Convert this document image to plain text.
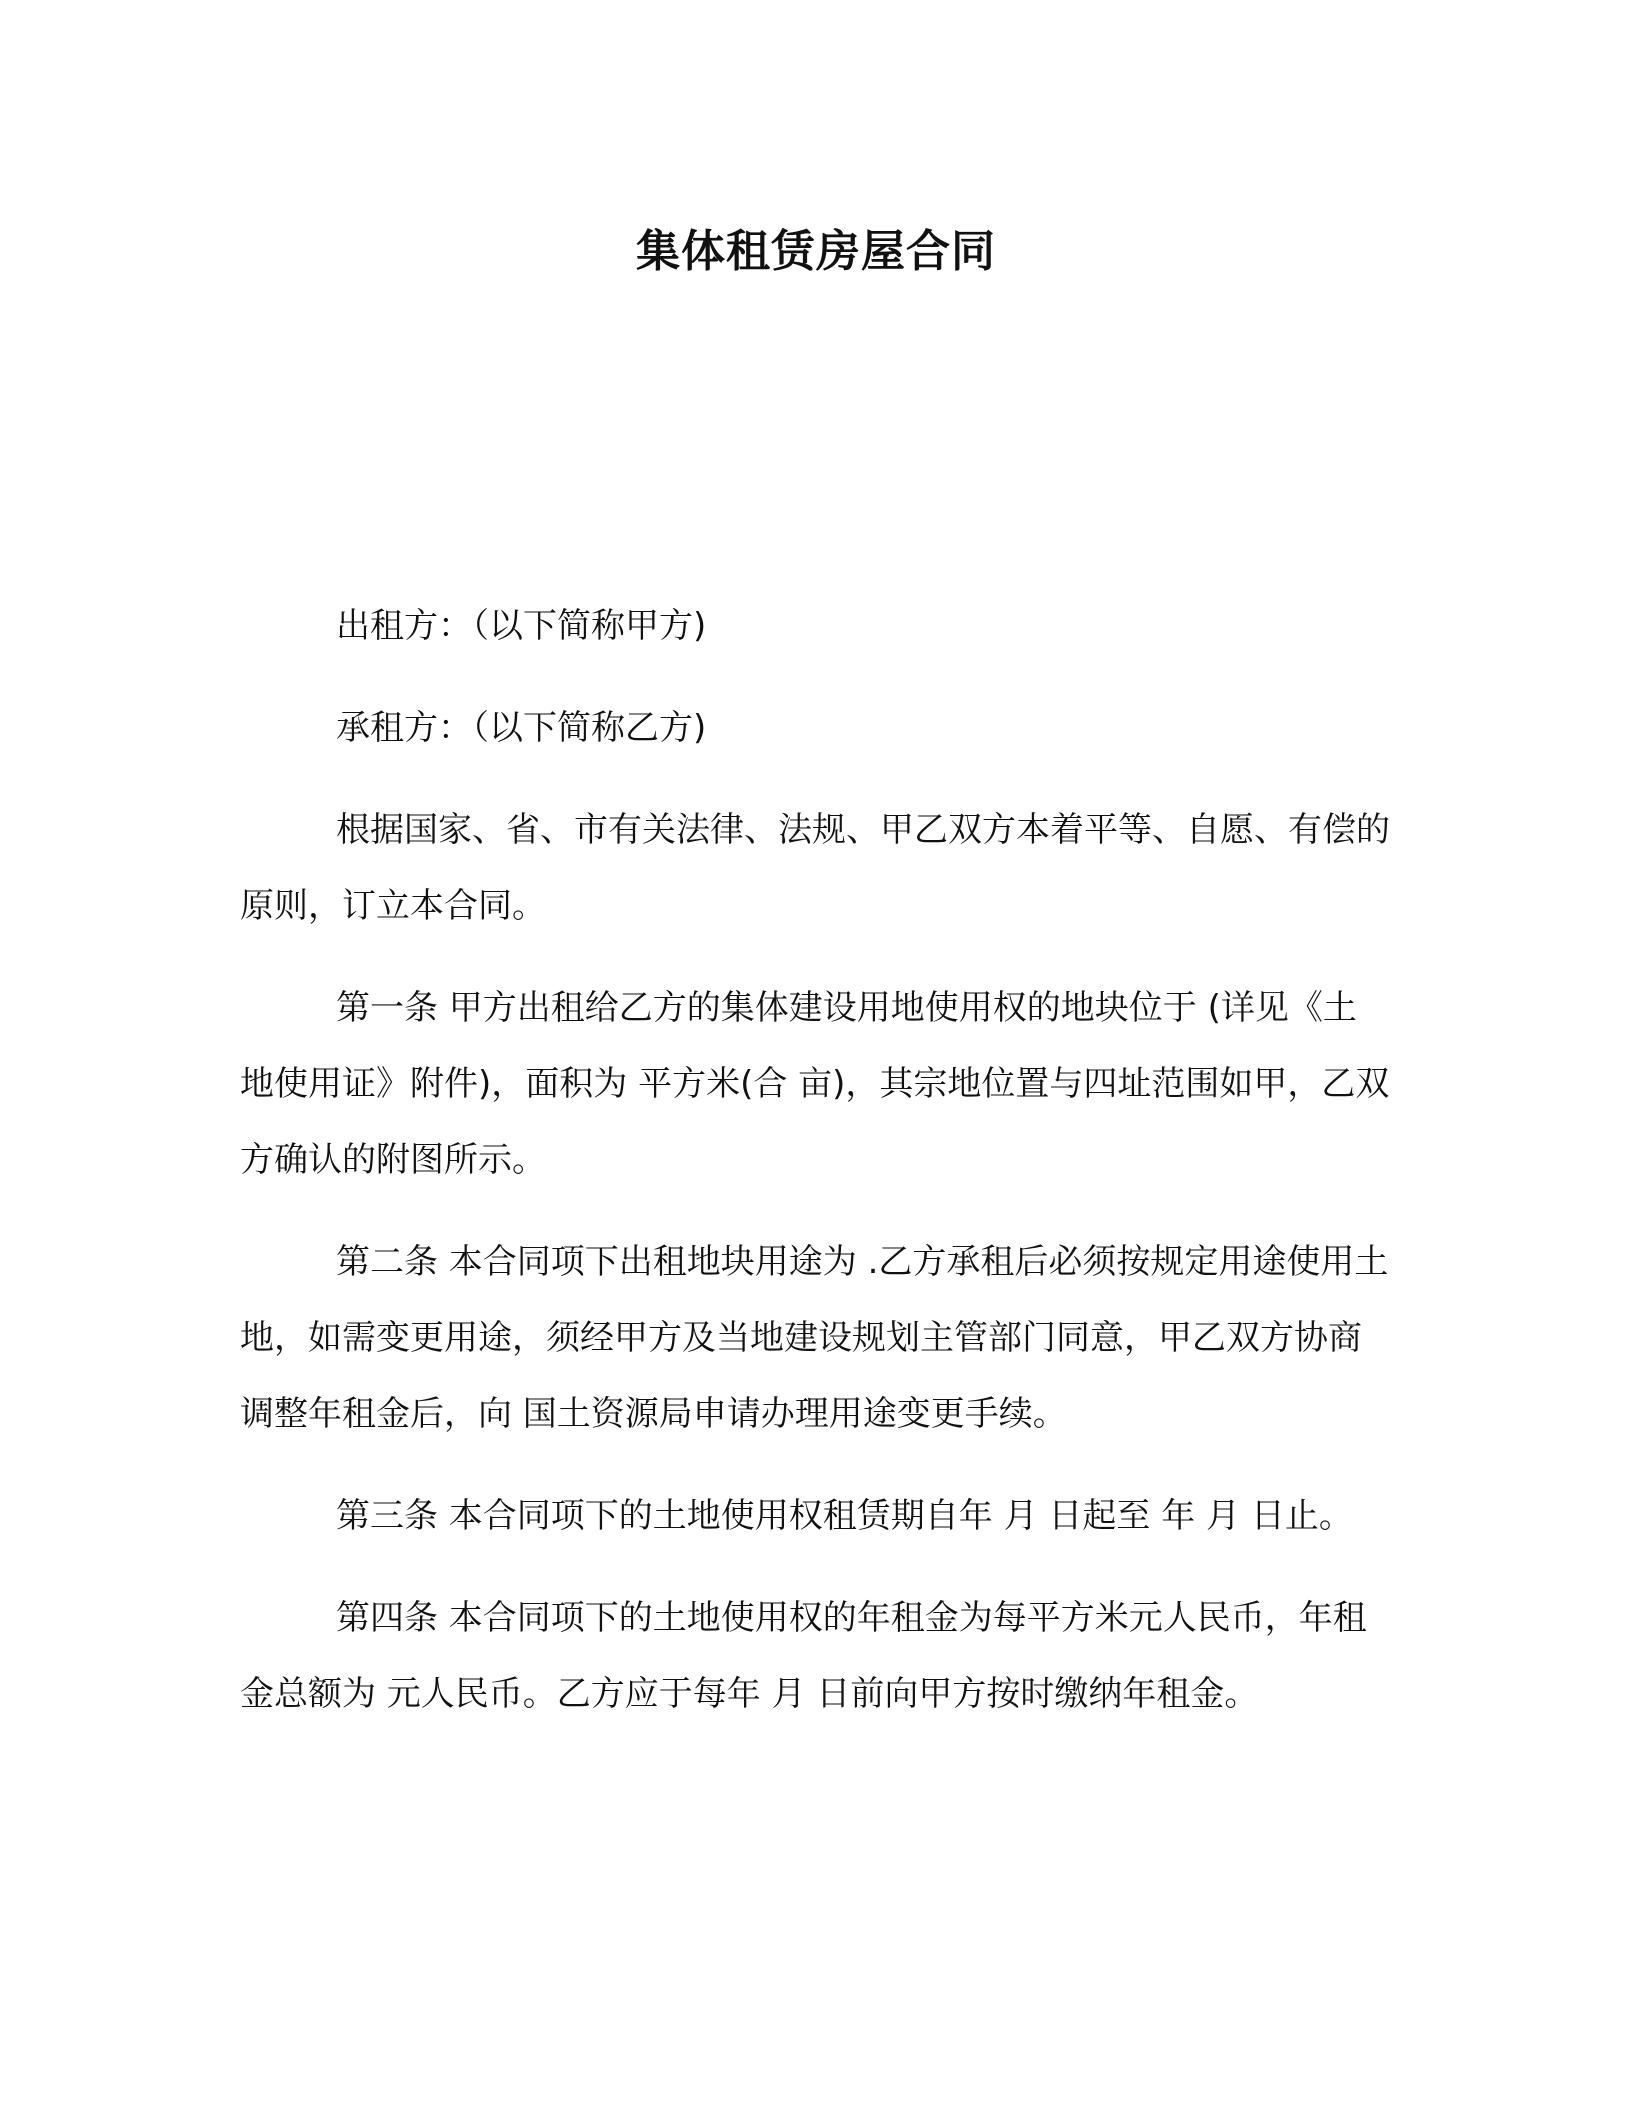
集体租赁房屋合同

出租方：（以下简称甲方)

承租方：（以下简称乙方)

根据国家、省、市有关法律、法规、甲乙双方本着平等、自愿、有偿的原则，订立本合同。

第一条 甲方出租给乙方的集体建设用地使用权的地块位于 (详见《土地使用证》附件)，面积为 平方米(合 亩)，其宗地位置与四址范围如甲，乙双方确认的附图所示。

第二条 本合同项下出租地块用途为 .乙方承租后必须按规定用途使用土地，如需变更用途，须经甲方及当地建设规划主管部门同意，甲乙双方协商调整年租金后，向 国土资源局申请办理用途变更手续。

第三条 本合同项下的土地使用权租赁期自年 月 日起至 年 月 日止。

第四条 本合同项下的土地使用权的年租金为每平方米元人民币，年租金总额为 元人民币。乙方应于每年 月 日前向甲方按时缴纳年租金。
